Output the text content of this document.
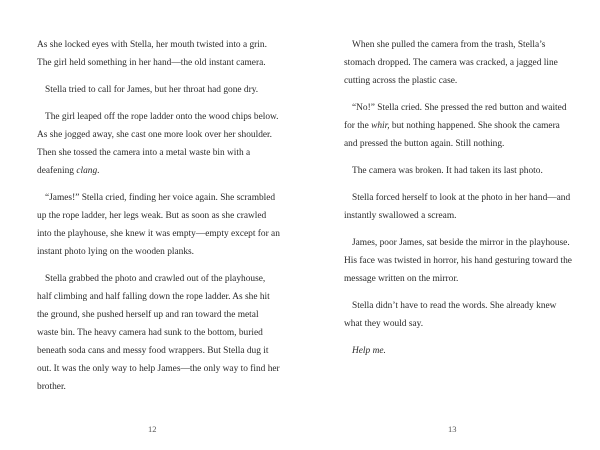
As she locked eyes with Stella, her mouth twisted into a grin. The girl held something in her hand—the old instant camera.

Stella tried to call for James, but her throat had gone dry.

The girl leaped off the rope ladder onto the wood chips below. As she jogged away, she cast one more look over her shoulder. Then she tossed the camera into a metal waste bin with a deafening clang.

“James!” Stella cried, finding her voice again. She scrambled up the rope ladder, her legs weak. But as soon as she crawled into the playhouse, she knew it was empty—empty except for an instant photo lying on the wooden planks.

Stella grabbed the photo and crawled out of the playhouse, half climbing and half falling down the rope ladder. As she hit the ground, she pushed herself up and ran toward the metal waste bin. The heavy camera had sunk to the bottom, buried beneath soda cans and messy food wrappers. But Stella dug it out. It was the only way to help James—the only way to find her brother.

12

When she pulled the camera from the trash, Stella’s stomach dropped. The camera was cracked, a jagged line cutting across the plastic case.

“No!” Stella cried. She pressed the red button and waited for the whir, but nothing happened. She shook the camera and pressed the button again. Still nothing.

The camera was broken. It had taken its last photo.

Stella forced herself to look at the photo in her hand—and instantly swallowed a scream.

James, poor James, sat beside the mirror in the playhouse. His face was twisted in horror, his hand gesturing toward the message written on the mirror.

Stella didn’t have to read the words. She already knew what they would say.

Help me.

13
